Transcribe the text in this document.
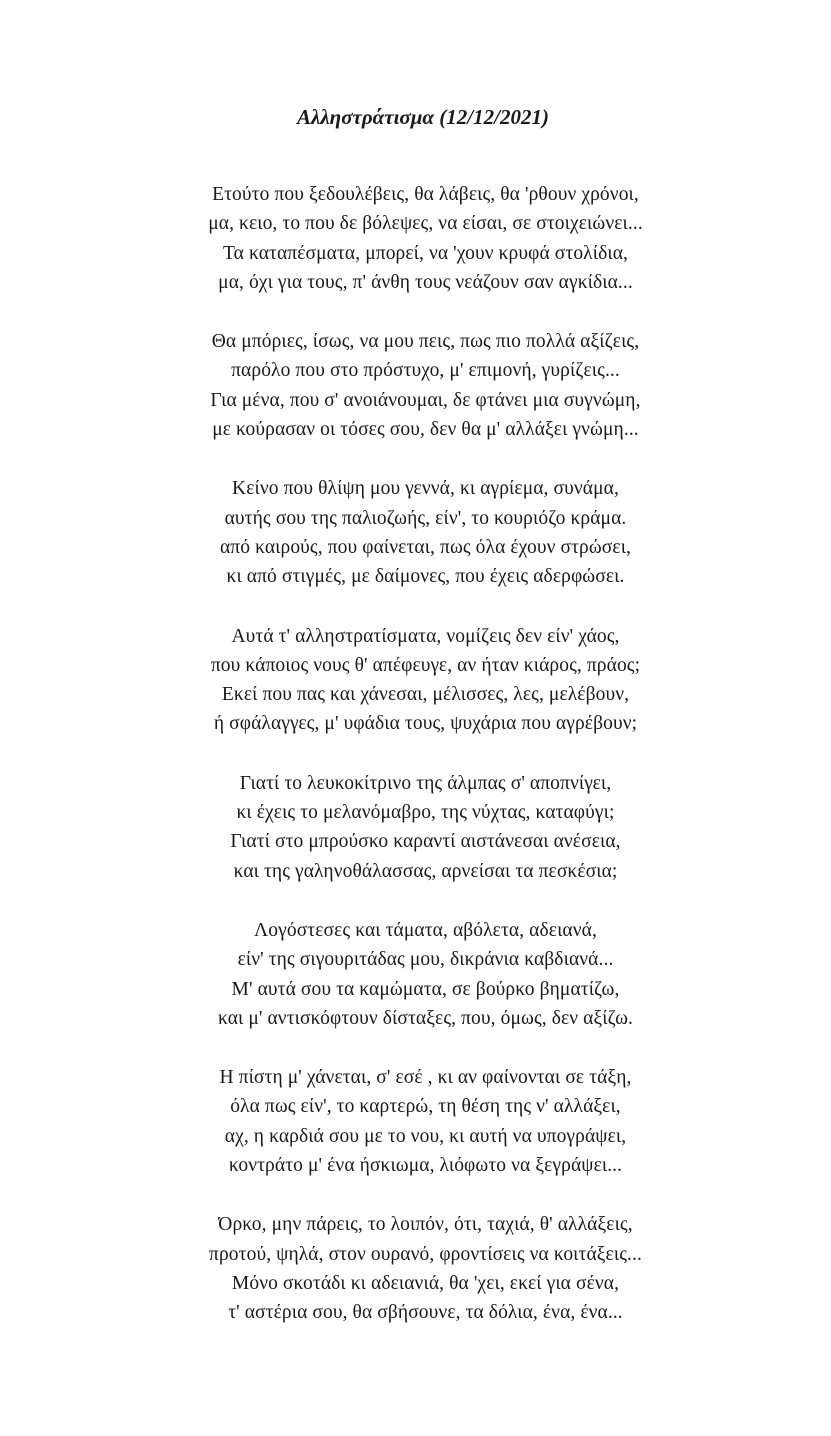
Αλληστράτισμα (12/12/2021)
Ετούτο που ξεδουλέβεις, θα λάβεις, θα 'ρθουν χρόνοι,
μα, κειο, το που δε βόλεψες, να είσαι, σε στοιχειώνει...
Τα καταπέσματα, μπορεί, να 'χουν κρυφά στολίδια,
μα, όχι για τους, π' άνθη τους νεάζουν σαν αγκίδια...
Θα μπόριες, ίσως, να μου πεις, πως πιο πολλά αξίζεις,
παρόλο που στο πρόστυχο, μ' επιμονή, γυρίζεις...
Για μένα, που σ' ανοιάνουμαι, δε φτάνει μια συγνώμη,
με κούρασαν οι τόσες σου, δεν θα μ' αλλάξει γνώμη...
Κείνο που θλίψη μου γεννά, κι αγρίεμα, συνάμα,
αυτής σου της παλιοζωής, είν', το κουριόζο κράμα.
από καιρούς, που φαίνεται, πως όλα έχουν στρώσει,
κι από στιγμές, με δαίμονες, που έχεις αδερφώσει.
Αυτά τ' αλληστρατίσματα, νομίζεις δεν είν' χάος,
που κάποιος νους θ' απέφευγε, αν ήταν κιάρος, πράος;
Εκεί που πας και χάνεσαι, μέλισσες, λες, μελέβουν,
ή σφάλαγγες, μ' υφάδια τους, ψυχάρια που αγρέβουν;
Γιατί το λευκοκίτρινο της άλμπας σ' αποπνίγει,
κι έχεις το μελανόμαβρο, της νύχτας, καταφύγι;
Γιατί στο μπρούσκο καραντί αιστάνεσαι ανέσεια,
και της γαληνοθάλασσας, αρνείσαι τα πεσκέσια;
Λογόστεσες και τάματα, αβόλετα, αδειανά,
είν' της σιγουριτάδας μου, δικράνια καβδιανά...
Μ' αυτά σου τα καμώματα, σε βούρκο βηματίζω,
και μ' αντισκόφτουν δίσταξες, που, όμως, δεν αξίζω.
Η πίστη μ' χάνεται, σ' εσέ , κι αν φαίνονται σε τάξη,
όλα πως είν', το καρτερώ, τη θέση της ν' αλλάξει,
αχ, η καρδιά σου με το νου, κι αυτή να υπογράψει,
κοντράτο μ' ένα ήσκιωμα, λιόφωτο να ξεγράψει...
Όρκο, μην πάρεις, το λοιπόν, ότι, ταχιά, θ' αλλάξεις,
προτού, ψηλά, στον ουρανό, φροντίσεις να κοιτάξεις...
Μόνο σκοτάδι κι αδειανιά, θα 'χει, εκεί για σένα,
τ' αστέρια σου, θα σβήσουνε, τα δόλια, ένα, ένα...
